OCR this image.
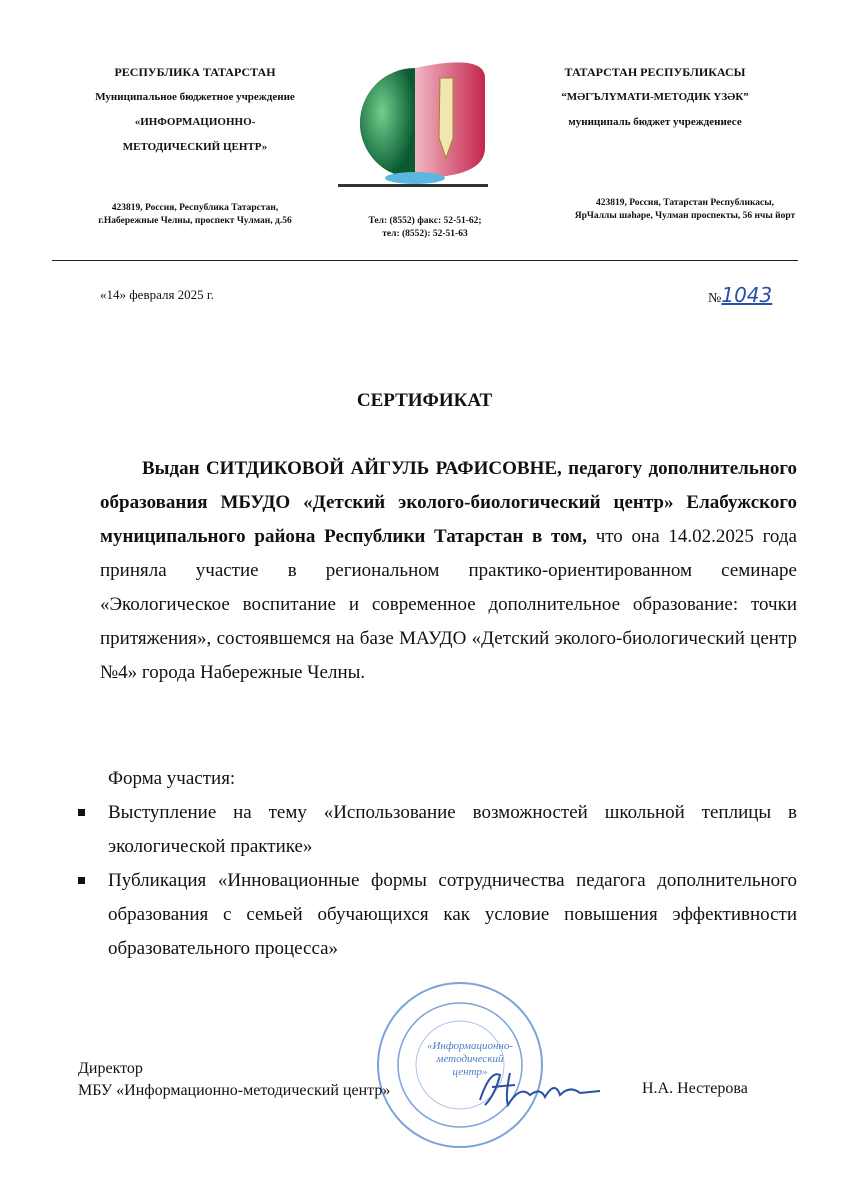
РЕСПУБЛИКА ТАТАРСТАН
Муниципальное бюджетное учреждение
«ИНФОРМАЦИОННО-
МЕТОДИЧЕСКИЙ ЦЕНТР»
423819, Россия, Республика Татарстан,
г.Набережные Челны, проспект Чулман, д.56	Тел: (8552) факс: 52-51-62;
тел: (8552): 52-51-63
ТАТАРСТАН РЕСПУБЛИКАСЫ
“МӘГЪЛҮМАТИ-МЕТОДИК ҮЗӘК”
муниципаль бюджет учреждениесе
423819, Россия, Татарстан Республикасы,
ЯрЧаллы шәһәре, Чулман проспекты, 56 нчы йорт
«14» февраля 2025 г.	№1043
СЕРТИФИКАТ
Выдан СИТДИКОВОЙ АЙГУЛЬ РАФИСОВНЕ, педагогу дополнительного образования МБУДО «Детский эколого-биологический центр» Елабужского муниципального района Республики Татарстан в том, что она 14.02.2025 года приняла участие в региональном практико-ориентированном семинаре «Экологическое воспитание и современное дополнительное образование: точки притяжения», состоявшемся на базе МАУДО «Детский эколого-биологический центр №4» города Набережные Челны.
Форма участия:
Выступление на тему «Использование возможностей школьной теплицы в экологической практике»
Публикация «Инновационные формы сотрудничества педагога дополнительного образования с семьей обучающихся как условие повышения эффективности образовательного процесса»
«Информационно-методический центр»
Директор
МБУ «Информационно-методический центр»	Н.А. Нестерова
